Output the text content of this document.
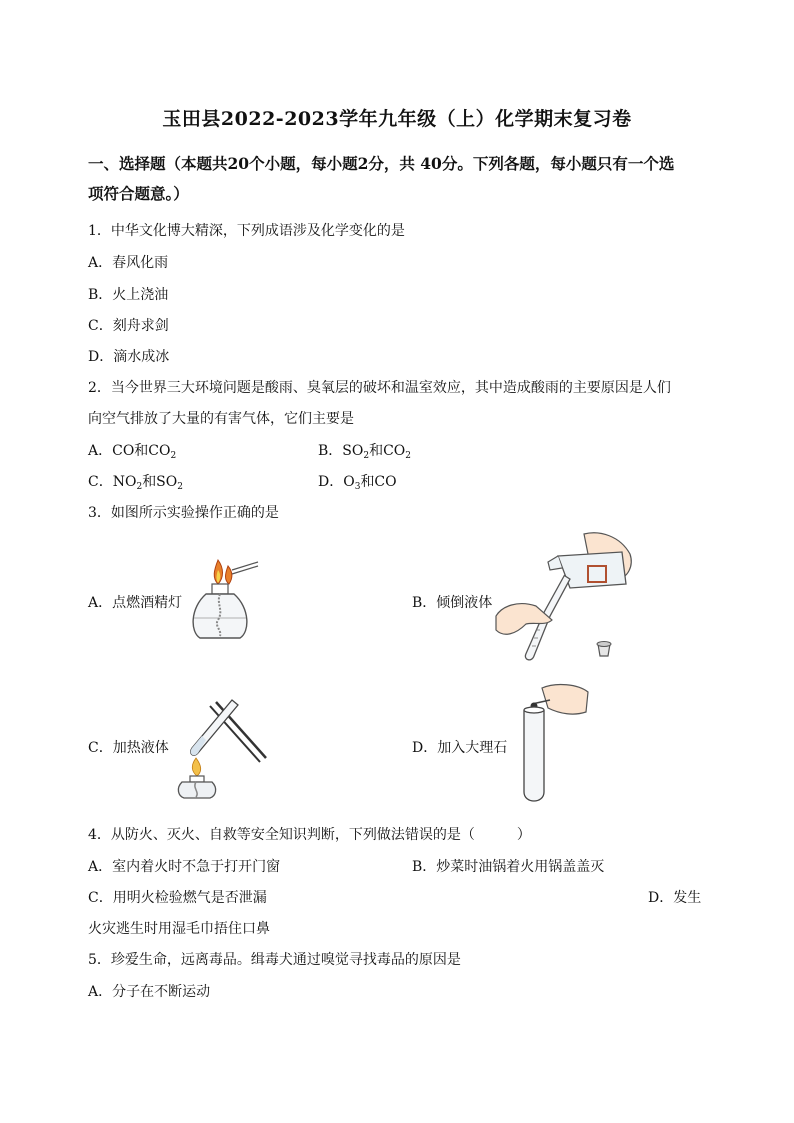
玉田县2022-2023学年九年级（上）化学期末复习卷
一、选择题（本题共20个小题，每小题2分，共 40分。下列各题，每小题只有一个选
项符合题意。）
1．中华文化博大精深，下列成语涉及化学变化的是
A．春风化雨
B．火上浇油
C．刻舟求剑
D．滴水成冰
2．当今世界三大环境问题是酸雨、臭氧层的破坏和温室效应，其中造成酸雨的主要原因是人们
向空气排放了大量的有害气体，它们主要是
A．CO和$CO_2$	B．$SO_2$和$CO_2$
C．$NO_2$和$SO_2$	D．$O_3$和CO
3．如图所示实验操作正确的是
A．点燃酒精灯	B．倾倒液体
C．加热液体	D．加入大理石
4．从防火、灭火、自救等安全知识判断，下列做法错误的是（　　　）
A．室内着火时不急于打开门窗	B．炒菜时油锅着火用锅盖盖灭
C．用明火检验燃气是否泄漏	D．发生
火灾逃生时用湿毛巾捂住口鼻
5．珍爱生命，远离毒品。缉毒犬通过嗅觉寻找毒品的原因是
A．分子在不断运动
